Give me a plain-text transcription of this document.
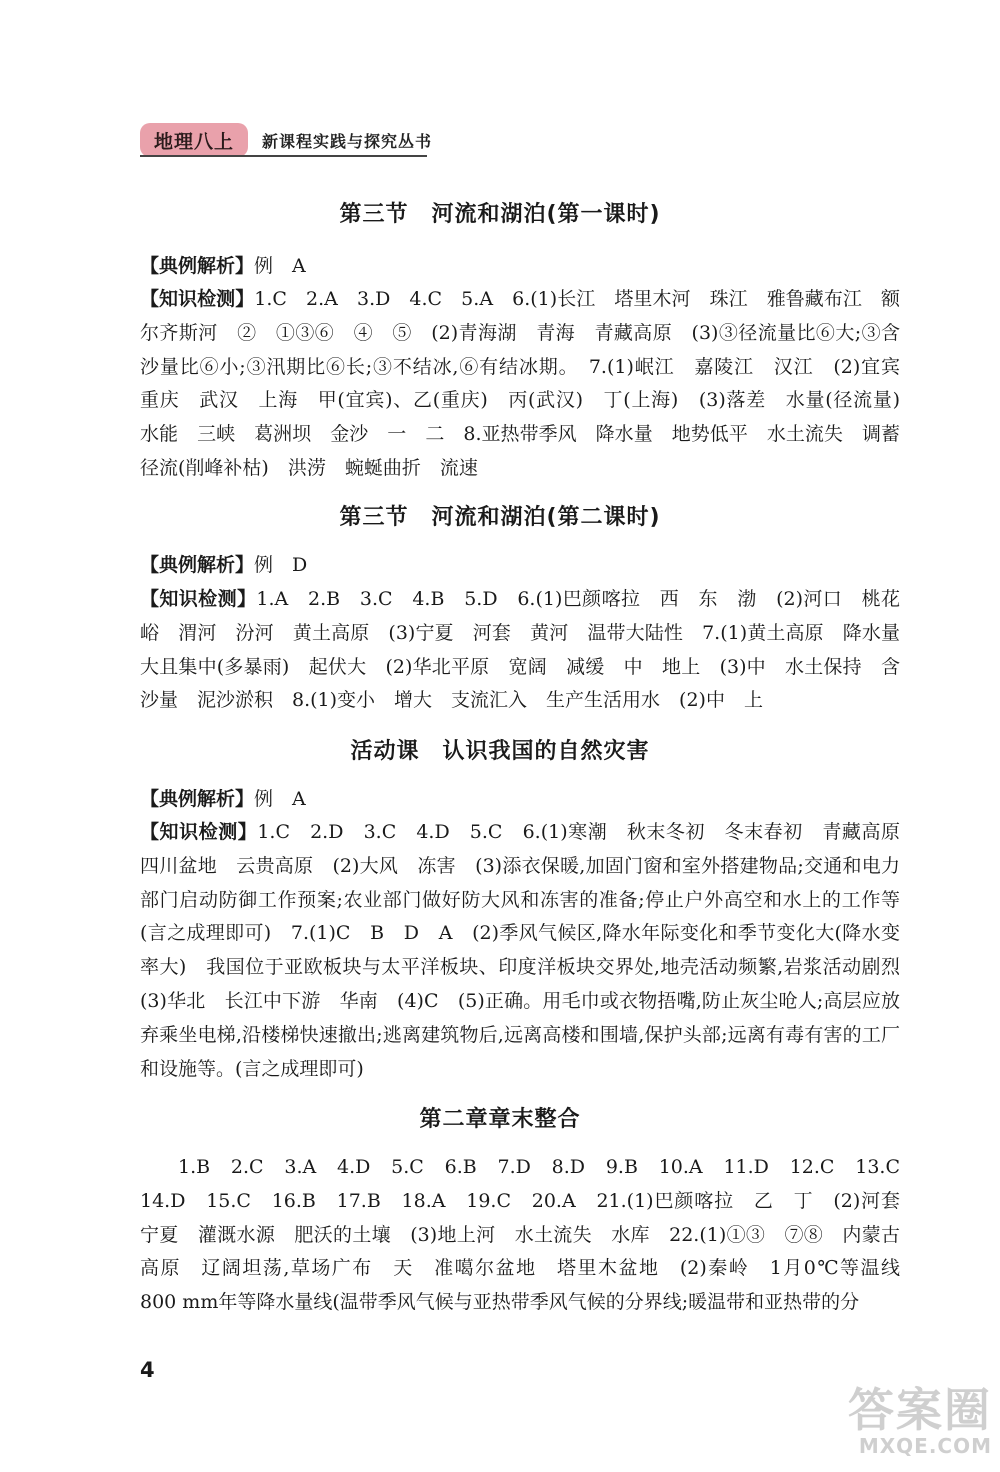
地理八上	新课程实践与探究丛书
第三节　河流和湖泊(第一课时)
【典例解析】例　A
【知识检测】1.C　2.A　3.D　4.C　5.A　6.(1)长江　塔里木河　珠江　雅鲁藏布江　额尔齐斯河　②　①③⑥　④　⑤　(2)青海湖　青海　青藏高原　(3)③径流量比⑥大;③含沙量比⑥小;③汛期比⑥长;③不结冰,⑥有结冰期。　7.(1)岷江　嘉陵江　汉江　(2)宜宾　重庆　武汉　上海　甲(宜宾)、乙(重庆)　丙(武汉)　丁(上海)　(3)落差　水量(径流量)　水能　三峡　葛洲坝　金沙　一　二　8.亚热带季风　降水量　地势低平　水土流失　调蓄径流(削峰补枯)　洪涝　蜿蜒曲折　流速
第三节　河流和湖泊(第二课时)
【典例解析】例　D
【知识检测】1.A　2.B　3.C　4.B　5.D　6.(1)巴颜喀拉　西　东　渤　(2)河口　桃花峪　渭河　汾河　黄土高原　(3)宁夏　河套　黄河　温带大陆性　7.(1)黄土高原　降水量大且集中(多暴雨)　起伏大　(2)华北平原　宽阔　减缓　中　地上　(3)中　水土保持　含沙量　泥沙淤积　8.(1)变小　增大　支流汇入　生产生活用水　(2)中　上
活动课　认识我国的自然灾害
【典例解析】例　A
【知识检测】1.C　2.D　3.C　4.D　5.C　6.(1)寒潮　秋末冬初　冬末春初　青藏高原　四川盆地　云贵高原　(2)大风　冻害　(3)添衣保暖,加固门窗和室外搭建物品;交通和电力部门启动防御工作预案;农业部门做好防大风和冻害的准备;停止户外高空和水上的工作等(言之成理即可)　7.(1)C　B　D　A　(2)季风气候区,降水年际变化和季节变化大(降水变率大)　我国位于亚欧板块与太平洋板块、印度洋板块交界处,地壳活动频繁,岩浆活动剧烈　(3)华北　长江中下游　华南　(4)C　(5)正确。用毛巾或衣物捂嘴,防止灰尘呛人;高层应放弃乘坐电梯,沿楼梯快速撤出;逃离建筑物后,远离高楼和围墙,保护头部;远离有毒有害的工厂和设施等。(言之成理即可)
第二章章末整合
1.B　2.C　3.A　4.D　5.C　6.B　7.D　8.D　9.B　10.A　11.D　12.C　13.C　14.D　15.C　16.B　17.B　18.A　19.C　20.A　21.(1)巴颜喀拉　乙　丁　(2)河套　宁夏　灌溉水源　肥沃的土壤　(3)地上河　水土流失　水库　22.(1)①③　⑦⑧　内蒙古高原　辽阔坦荡,草场广布　天　准噶尔盆地　塔里木盆地　(2)秦岭　1月0℃等温线　800 mm年等降水量线(温带季风气候与亚热带季风气候的分界线;暖温带和亚热带的分
4
答案圈
MXQE.COM
